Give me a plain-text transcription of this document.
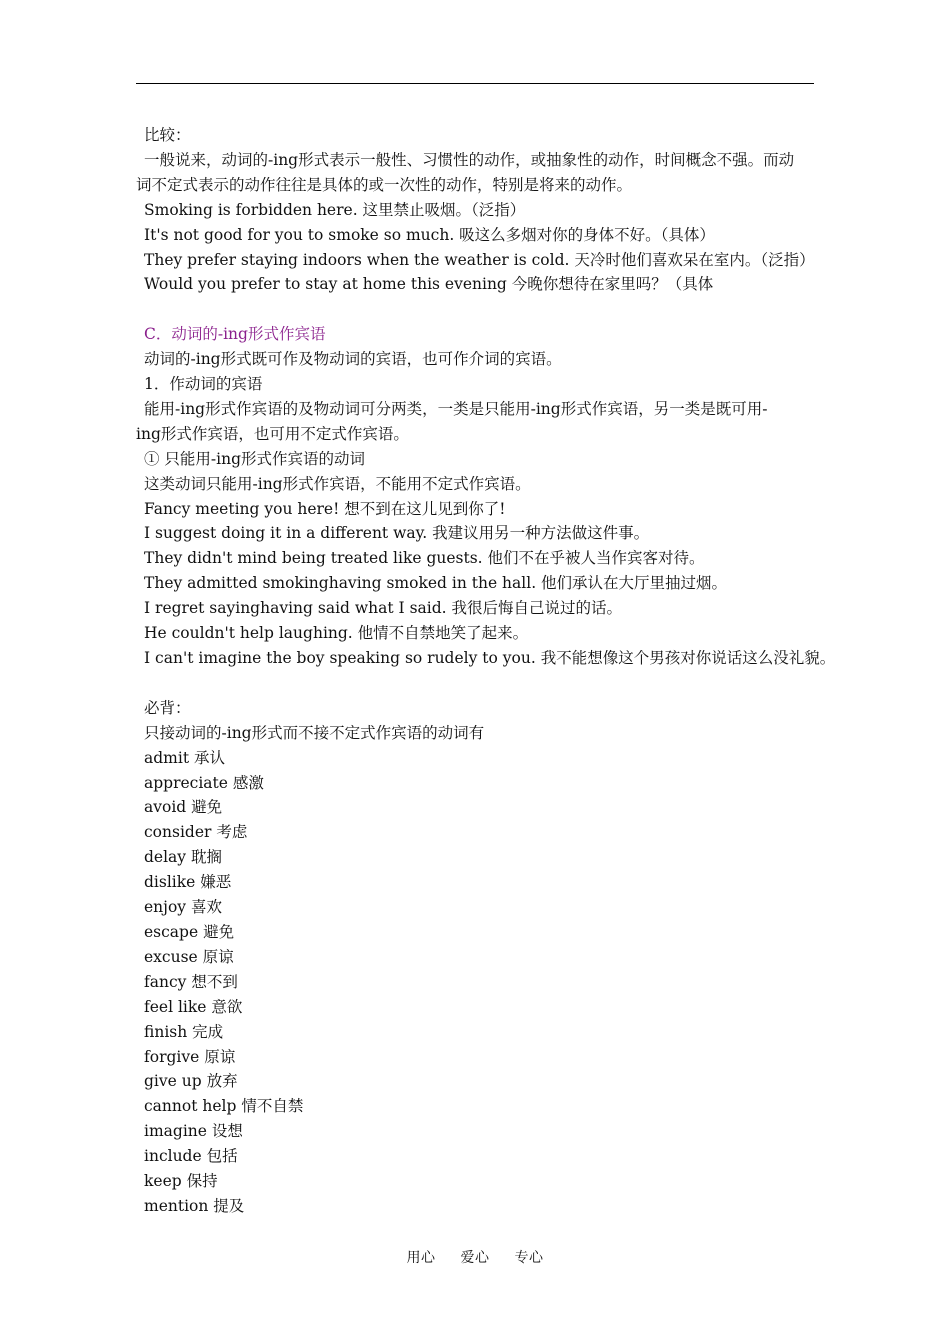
比较：
一般说来，动词的-ing形式表示一般性、习惯性的动作，或抽象性的动作，时间概念不强。而动
词不定式表示的动作往往是具体的或一次性的动作，特别是将来的动作。
Smoking is forbidden here. 这里禁止吸烟。（泛指）
It's not good for you to smoke so much. 吸这么多烟对你的身体不好。（具体）
They prefer staying indoors when the weather is cold. 天冷时他们喜欢呆在室内。（泛指）
Would you prefer to stay at home this evening 今晚你想待在家里吗？（具体
C．动词的-ing形式作宾语
动词的-ing形式既可作及物动词的宾语，也可作介词的宾语。
1．作动词的宾语
能用-ing形式作宾语的及物动词可分两类，一类是只能用-ing形式作宾语，另一类是既可用-
ing形式作宾语，也可用不定式作宾语。
① 只能用-ing形式作宾语的动词
这类动词只能用-ing形式作宾语，不能用不定式作宾语。
Fancy meeting you here! 想不到在这儿见到你了!
I suggest doing it in a different way. 我建议用另一种方法做这件事。
They didn't mind being treated like guests. 他们不在乎被人当作宾客对待。
They admitted smokinghaving smoked in the hall. 他们承认在大厅里抽过烟。
I regret sayinghaving said what I said. 我很后悔自己说过的话。
He couldn't help laughing. 他情不自禁地笑了起来。
I can't imagine the boy speaking so rudely to you. 我不能想像这个男孩对你说话这么没礼貌。
必背：
只接动词的-ing形式而不接不定式作宾语的动词有
admit 承认
appreciate 感激
avoid 避免
consider 考虑
delay 耽搁
dislike 嫌恶
enjoy 喜欢
escape 避免
excuse 原谅
fancy 想不到
feel like 意欲
finish 完成
forgive 原谅
give up 放弃
cannot help 情不自禁
imagine 设想
include 包括
keep 保持
mention 提及
用心 爱心 专心
